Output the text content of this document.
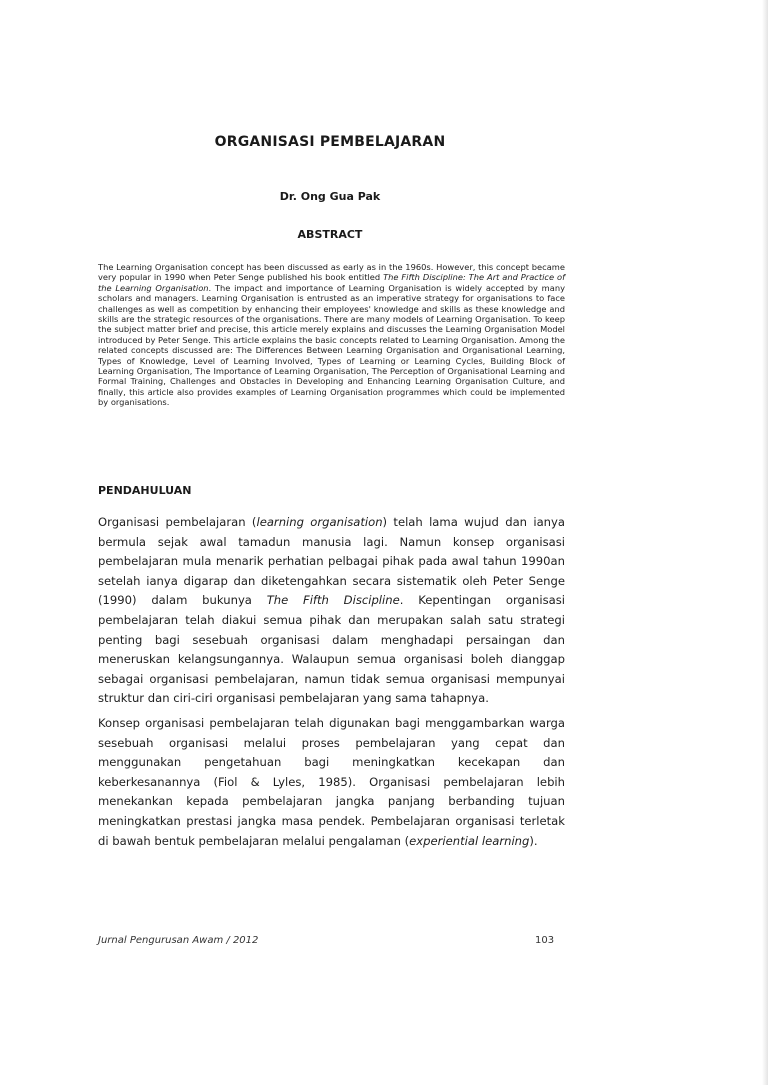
ORGANISASI PEMBELAJARAN
Dr. Ong Gua Pak
ABSTRACT

The Learning Organisation concept has been discussed as early as in the 1960s. However, this concept became very popular in 1990 when Peter Senge published his book entitled The Fifth Discipline: The Art and Practice of the Learning Organisation. The impact and importance of Learning Organisation is widely accepted by many scholars and managers. Learning Organisation is entrusted as an imperative strategy for organisations to face challenges as well as competition by enhancing their employees' knowledge and skills as these knowledge and skills are the strategic resources of the organisations. There are many models of Learning Organisation. To keep the subject matter brief and precise, this article merely explains and discusses the Learning Organisation Model introduced by Peter Senge. This article explains the basic concepts related to Learning Organisation. Among the related concepts discussed are: The Differences Between Learning Organisation and Organisational Learning, Types of Knowledge, Level of Learning Involved, Types of Learning or Learning Cycles, Building Block of Learning Organisation, The Importance of Learning Organisation, The Perception of Organisational Learning and Formal Training, Challenges and Obstacles in Developing and Enhancing Learning Organisation Culture, and finally, this article also provides examples of Learning Organisation programmes which could be implemented by organisations.

PENDAHULUAN

Organisasi pembelajaran (learning organisation) telah lama wujud dan ianya bermula sejak awal tamadun manusia lagi. Namun konsep organisasi pembelajaran mula menarik perhatian pelbagai pihak pada awal tahun 1990an setelah ianya digarap dan diketengahkan secara sistematik oleh Peter Senge (1990) dalam bukunya The Fifth Discipline. Kepentingan organisasi pembelajaran telah diakui semua pihak dan merupakan salah satu strategi penting bagi sesebuah organisasi dalam menghadapi persaingan dan meneruskan kelangsungannya. Walaupun semua organisasi boleh dianggap sebagai organisasi pembelajaran, namun tidak semua organisasi mempunyai struktur dan ciri-ciri organisasi pembelajaran yang sama tahapnya.

Konsep organisasi pembelajaran telah digunakan bagi menggambarkan warga sesebuah organisasi melalui proses pembelajaran yang cepat dan menggunakan pengetahuan bagi meningkatkan kecekapan dan keberkesanannya (Fiol & Lyles, 1985). Organisasi pembelajaran lebih menekankan kepada pembelajaran jangka panjang berbanding tujuan meningkatkan prestasi jangka masa pendek. Pembelajaran organisasi terletak di bawah bentuk pembelajaran melalui pengalaman (experiential learning).

Jurnal Pengurusan Awam / 2012	103
